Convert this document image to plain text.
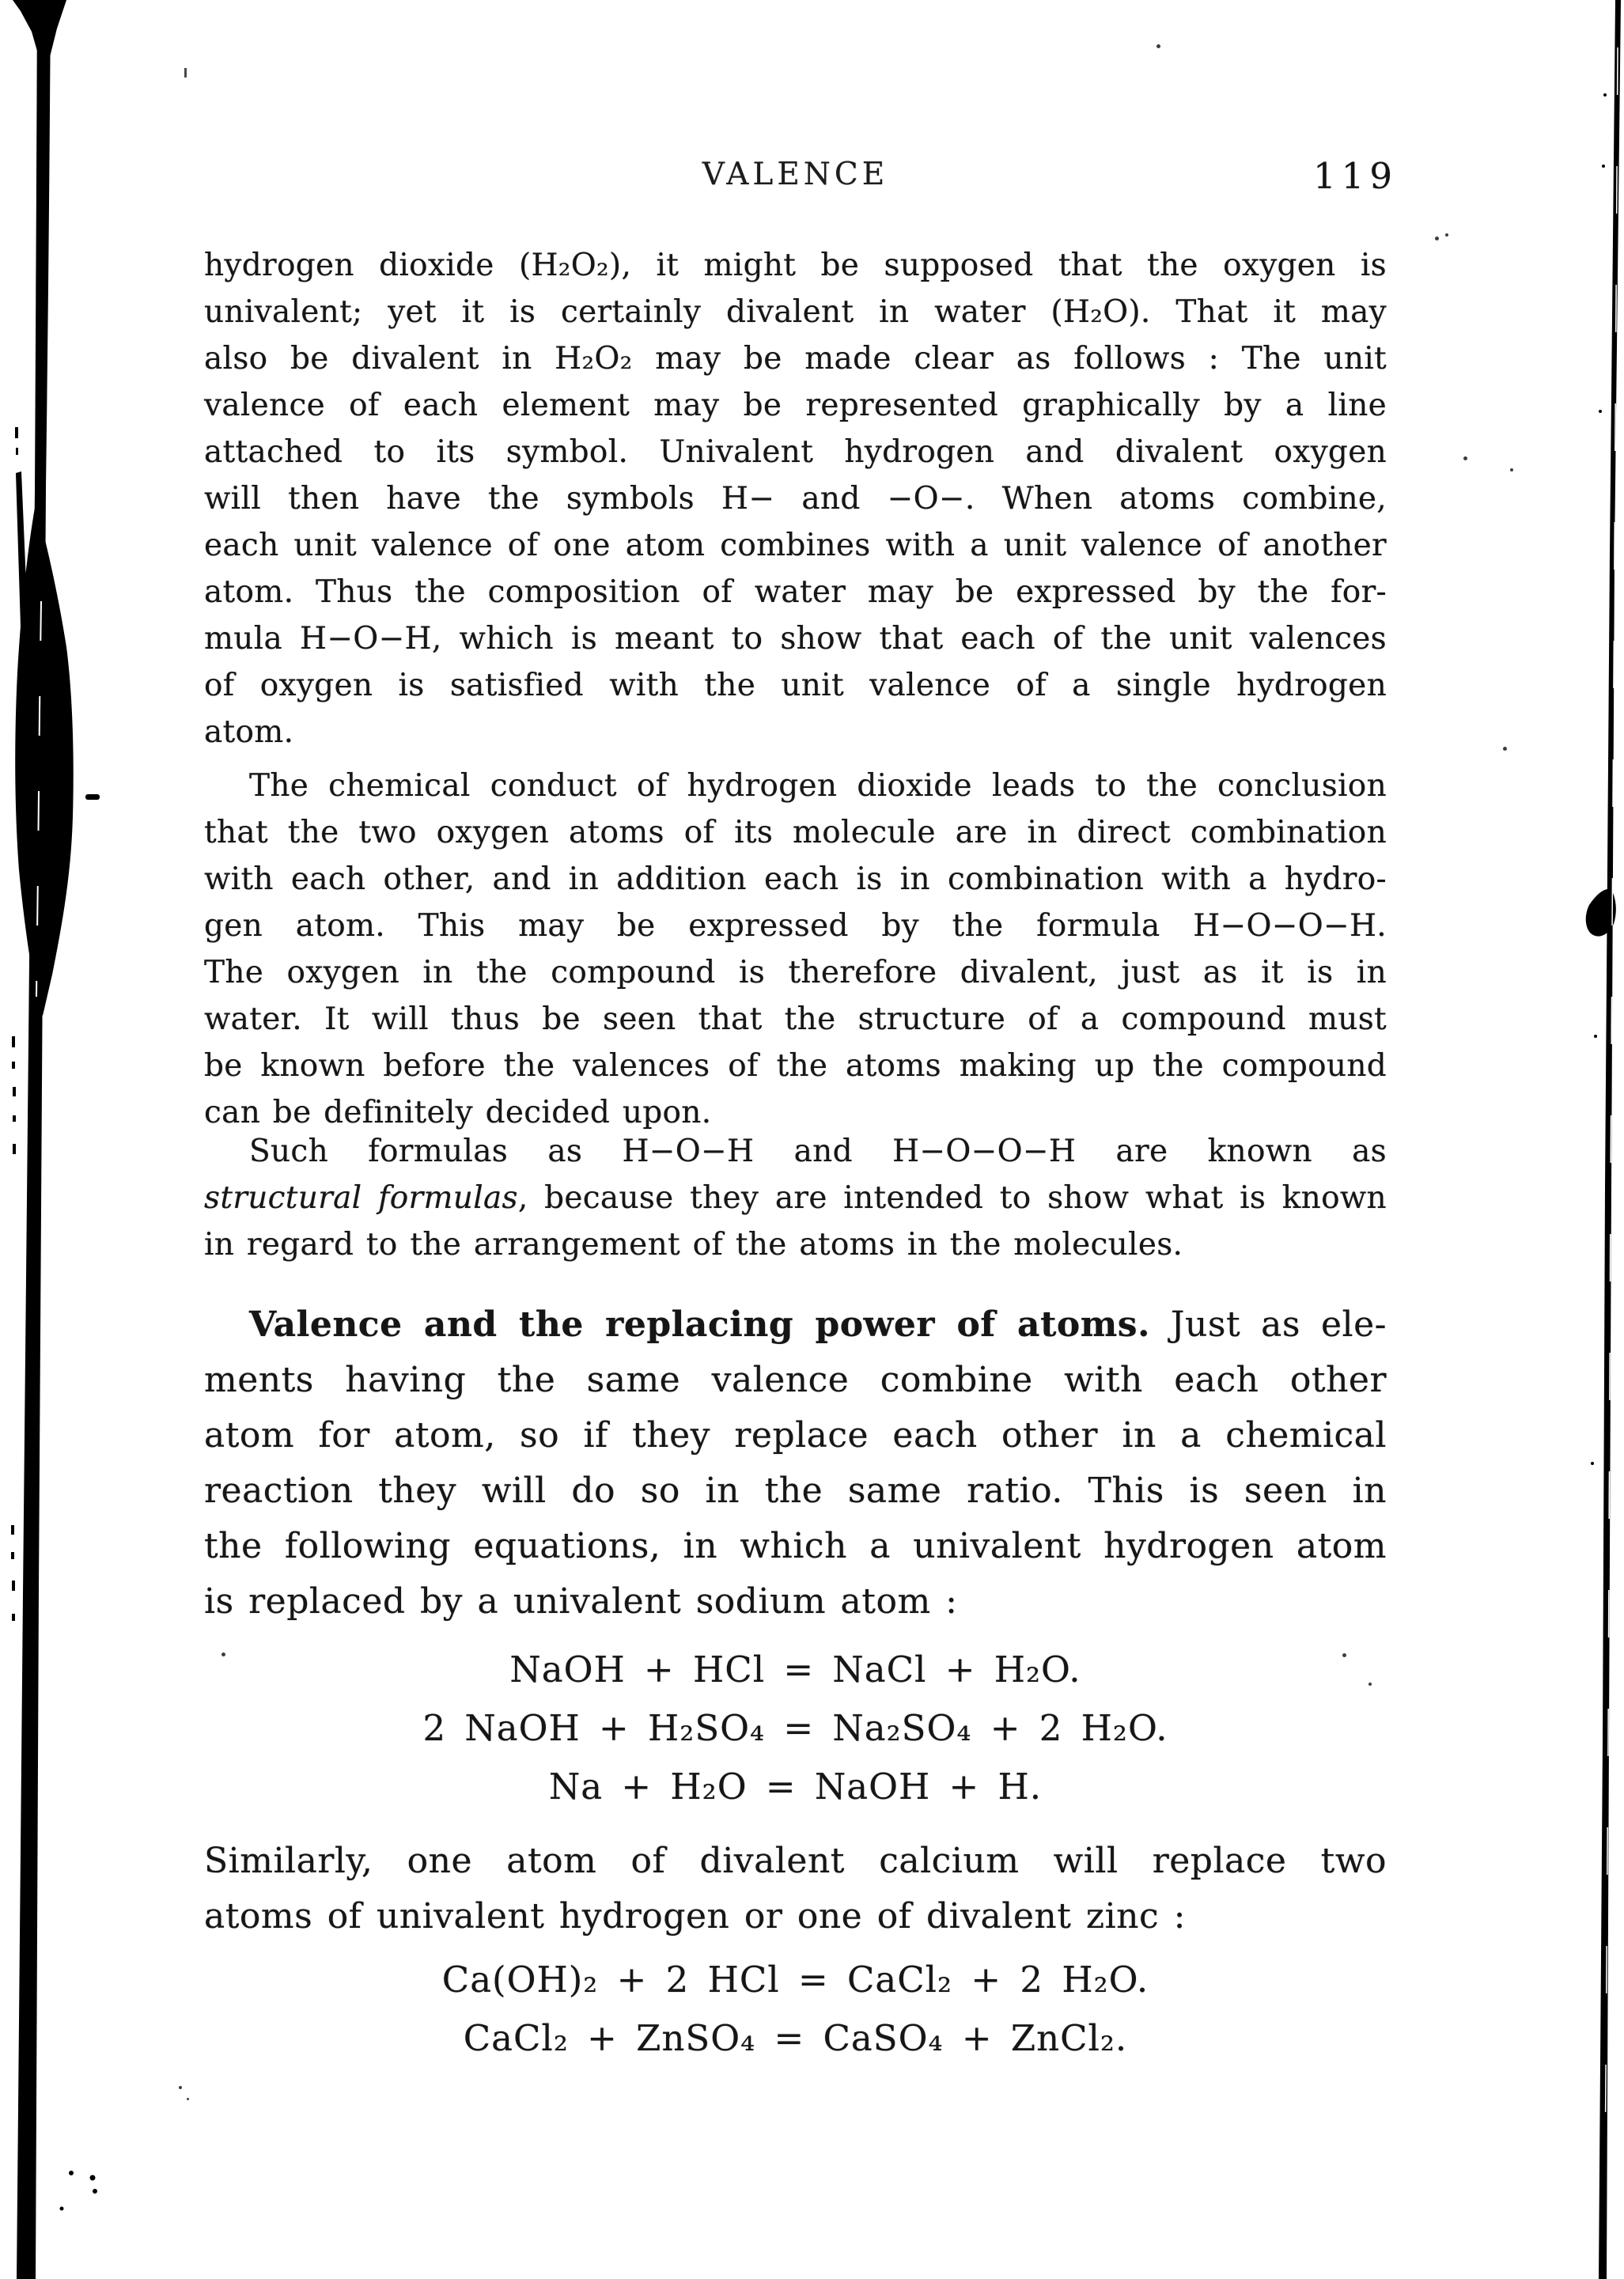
VALENCE	119
hydrogen dioxide (H₂O₂), it might be supposed that the oxygen is
univalent; yet it is certainly divalent in water (H₂O). That it may
also be divalent in H₂O₂ may be made clear as follows : The unit
valence of each element may be represented graphically by a line
attached to its symbol. Univalent hydrogen and divalent oxygen
will then have the symbols H− and −O−. When atoms combine,
each unit valence of one atom combines with a unit valence of another
atom. Thus the composition of water may be expressed by the for-
mula H−O−H, which is meant to show that each of the unit valences
of oxygen is satisfied with the unit valence of a single hydrogen
atom.
The chemical conduct of hydrogen dioxide leads to the conclusion
that the two oxygen atoms of its molecule are in direct combination
with each other, and in addition each is in combination with a hydro-
gen atom. This may be expressed by the formula H−O−O−H.
The oxygen in the compound is therefore divalent, just as it is in
water. It will thus be seen that the structure of a compound must
be known before the valences of the atoms making up the compound
can be definitely decided upon.
Such formulas as H−O−H and H−O−O−H are known as
structural formulas, because they are intended to show what is known
in regard to the arrangement of the atoms in the molecules.
Valence and the replacing power of atoms. Just as ele-
ments having the same valence combine with each other
atom for atom, so if they replace each other in a chemical
reaction they will do so in the same ratio. This is seen in
the following equations, in which a univalent hydrogen atom
is replaced by a univalent sodium atom :
NaOH + HCl = NaCl + H₂O.
2 NaOH + H₂SO₄ = Na₂SO₄ + 2 H₂O.
Na + H₂O = NaOH + H.
Similarly, one atom of divalent calcium will replace two
atoms of univalent hydrogen or one of divalent zinc :
Ca(OH)₂ + 2 HCl = CaCl₂ + 2 H₂O.
CaCl₂ + ZnSO₄ = CaSO₄ + ZnCl₂.
